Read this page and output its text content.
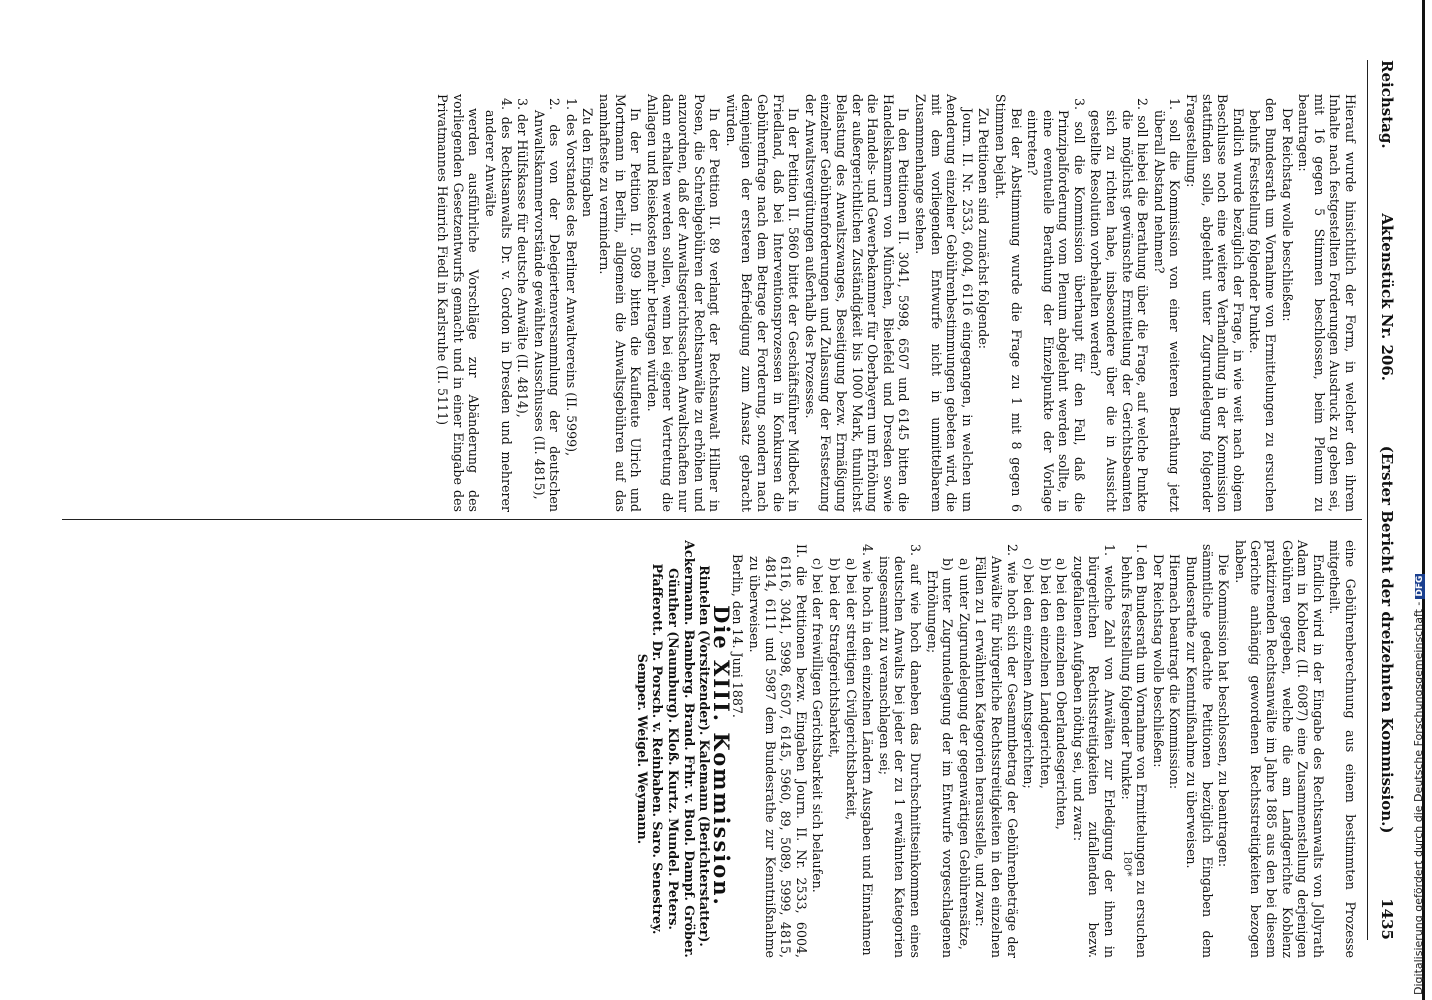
Reichstag.
Aktenstück Nr. 206.
(Erster Bericht der dreizehnten Kommission.)
1435

Hierauf wurde hinsichtlich der Form, in welcher den ihrem Inhalte nach festgestellten Forderungen Ausdruck zu geben sei, mit 16 gegen 5 Stimmen beschlossen, beim Plenum zu beantragen:

Der Reichstag wolle beschließen:

den Bundesrath um Vornahme von Ermittelungen zu ersuchen behufs Feststellung folgender Punkte.

Endlich wurde bezüglich der Frage, in wie weit nach obigem Beschlusse noch eine weitere Verhandlung in der Kommission stattfinden solle, abgelehnt unter Zugrundelegung folgender Fragestellung:

1. soll die Kommission von einer weiteren Berathung jetzt überall Abstand nehmen?

2. soll hiebei die Berathung über die Frage, auf welche Punkte die möglichst gewünschte Ermittelung der Gerichtsbeamten sich zu richten habe, insbesondere über die in Aussicht gestellte Resolution vorbehalten werden?

3. soll die Kommission überhaupt für den Fall, daß die Prinzipalforderung vom Plenum abgelehnt werden sollte, in eine eventuelle Berathung der Einzelpunkte der Vorlage eintreten?

Bei der Abstimmung wurde die Frage zu 1 mit 8 gegen 6 Stimmen bejaht.

Zu Petitionen sind zunächst folgende:

Journ. II. Nr. 2533, 6004, 6116 eingegangen, in welchen um Aenderung einzelner Gebührenbestimmungen gebeten wird, die mit dem vorliegenden Entwurfe nicht in unmittelbarem Zusammenhange stehen.

In den Petitionen II. 3041, 5998, 6507 und 6145 bitten die Handelskammern von München, Bielefeld und Dresden sowie die Handels- und Gewerbekammer für Oberbayern um Erhöhung der außergerichtlichen Zuständigkeit bis 1000 Mark, thunlichst Belastung des Anwaltszwanges, Beseitigung bezw. Ermäßigung einzelner Gebührenforderungen und Zulassung der Festsetzung der Anwaltsvergütungen außerhalb des Prozesses.

In der Petition II. 5860 bittet der Geschäftsführer Midbeck in Friedland, daß bei Interventionsprozessen in Konkursen die Gebührenfrage nach dem Betrage der Forderung, sondern nach demjenigen der ersteren Befriedigung zum Ansatz gebracht würden.

In der Petition II. 89 verlangt der Rechtsanwalt Hillner in Posen, die Schreibgebühren der Rechtsanwälte zu erhöhen und anzuordnen, daß der Anwaltsgerichtssachen Anwaltschaften nur dann erhalten werden sollen, wenn bei eigener Vertretung die Anlagen und Reisekosten mehr betragen würden.

In der Petition II. 5089 bitten die Kaufleute Ulrich und Mortmann in Berlin, allgemein die Anwaltsgebühren auf das namhafteste zu vermindern.

Zu den Eingaben

1. des Vorstandes des Berliner Anwaltvereins (II. 5999),

2. des von der Delegiertenversammlung der deutschen Anwaltskammervorstände gewählten Ausschusses (II. 4815),

3. der Hülfskasse für deutsche Anwälte (II. 4814),

4. des Rechtsanwalts Dr. v. Gordon in Dresden und mehrerer anderer Anwälte

werden ausführliche Vorschläge zur Abänderung des vorliegenden Gesetzentwurfs gemacht und in einer Eingabe des Privatmannes Heinrich Fiedl in Karlsruhe (II. 5111)

eine Gebührenberechnung aus einem bestimmten Prozesse mitgetheilt.

Endlich wird in der Eingabe des Rechtsanwalts von Jollyrath Adam in Koblenz (II. 6087) eine Zusammenstellung derjenigen Gebühren gegeben, welche die am Landgerichte Koblenz praktizirenden Rechtsanwälte im Jahre 1885 aus den bei diesem Gerichte anhängig gewordenen Rechtsstreitigkeiten bezogen haben.

Die Kommission hat beschlossen, zu beantragen:

sämmtliche gedachte Petitionen bezüglich Eingaben dem Bundesrathe zur Kenntnißnahme zu überweisen.

Hiernach beantragt die Kommission:

Der Reichstag wolle beschließen:

I. den Bundesrath um Vornahme von Ermittelungen zu ersuchen behufs Feststellung folgender Punkte:

1. welche Zahl von Anwälten zur Erledigung der ihnen in bürgerlichen Rechtsstreitigkeiten zufallenden bezw. zugefallenen Aufgaben nöthig sei, und zwar:

a) bei den einzelnen Oberlandesgerichten,

b) bei den einzelnen Landgerichten,

c) bei den einzelnen Amtsgerichten;

2. wie hoch sich der Gesammtbetrag der Gebührenbeträge der Anwälte für bürgerliche Rechtsstreitigkeiten in den einzelnen Fällen zu 1 erwähnten Kategorien herausstelle, und zwar:

a) unter Zugrundelegung der gegenwärtigen Gebührensätze,

b) unter Zugrundelegung der im Entwurfe vorgeschlagenen Erhöhungen;

3. auf wie hoch daneben das Durchschnittseinkommen eines deutschen Anwalts bei jeder der zu 1 erwähnten Kategorien insgesammt zu veranschlagen sei;

4. wie hoch in den einzelnen Ländern Ausgaben und Einnahmen

a) bei der streitigen Civilgerichtsbarkeit,

b) bei der Strafgerichtsbarkeit,

c) bei der freiwilligen Gerichtsbarkeit sich belaufen.

II. die Petitionen bezw. Eingaben Journ. II. Nr. 2533, 6004, 6116, 3041, 5998, 6507, 6145, 5960, 89, 5089, 5999, 4815, 4814, 6111 und 5987 dem Bundesrathe zur Kenntnißnahme zu überweisen.

Berlin, den 14. Juni 1887.

Die XIII. Kommission.

Rintelen (Vorsitzender). Kalemann (Berichterstatter). Ackermann. Bamberg. Brand. Frhr. v. Buol. Dampf. Gröber. Günther (Naumburg). Kloß. Kurtz. Mundel. Peters. Pfafferott. Dr. Porsch. v. Reinbaben. Saro. Senestrey. Semper. Weigel. Weymann.	Digitalisierung gefördert durch die Deutsche Forschungsgemeinschaft -DFG
180*
